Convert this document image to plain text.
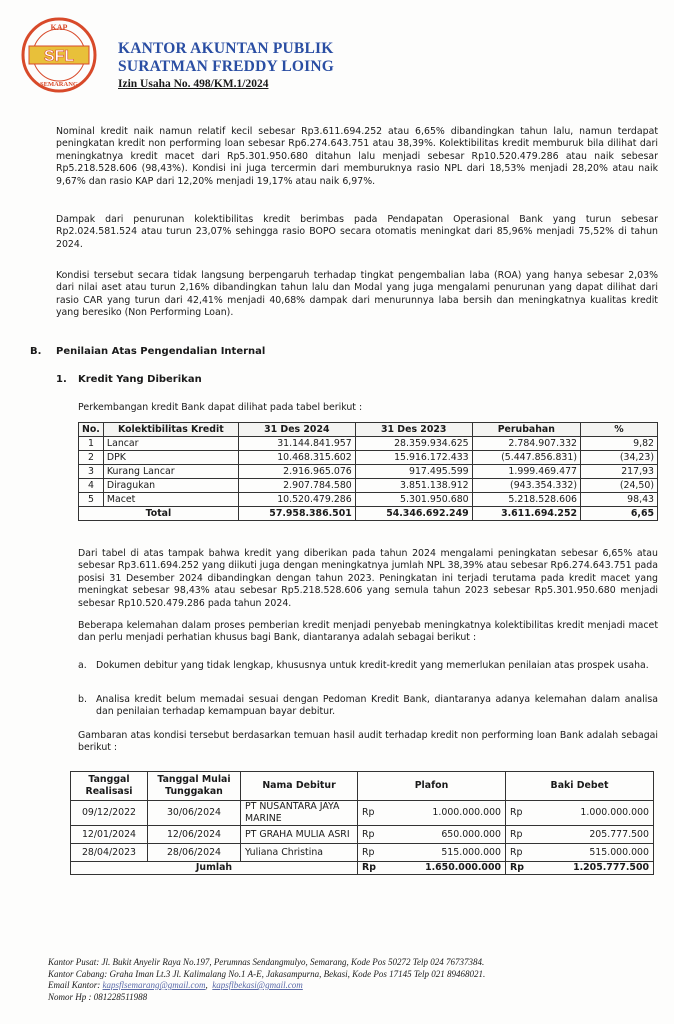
KAP
SFL
SEMARANG
KANTOR AKUNTAN PUBLIK
SURATMAN FREDDY LOING
Izin Usaha No. 498/KM.1/2024
Nominal kredit naik namun relatif kecil sebesar Rp3.611.694.252 atau 6,65% dibandingkan tahun lalu, namun terdapat peningkatan kredit non performing loan sebesar Rp6.274.643.751 atau 38,39%. Kolektibilitas kredit memburuk bila dilihat dari meningkatnya kredit macet dari Rp5.301.950.680 ditahun lalu menjadi sebesar Rp10.520.479.286 atau naik sebesar Rp5.218.528.606 (98,43%). Kondisi ini juga tercermin dari memburuknya rasio NPL dari 18,53% menjadi 28,20% atau naik 9,67% dan rasio KAP dari 12,20% menjadi 19,17% atau naik 6,97%.
Dampak dari penurunan kolektibilitas kredit berimbas pada Pendapatan Operasional Bank yang turun sebesar Rp2.024.581.524 atau turun 23,07% sehingga rasio BOPO secara otomatis meningkat dari 85,96% menjadi 75,52% di tahun 2024.
Kondisi tersebut secara tidak langsung berpengaruh terhadap tingkat pengembalian laba (ROA) yang hanya sebesar 2,03% dari nilai aset atau turun 2,16% dibandingkan tahun lalu dan Modal yang juga mengalami penurunan yang dapat dilihat dari rasio CAR yang turun dari 42,41% menjadi 40,68% dampak dari menurunnya laba bersih dan meningkatnya kualitas kredit yang beresiko (Non Performing Loan).
B. Penilaian Atas Pengendalian Internal
1. Kredit Yang Diberikan
Perkembangan kredit Bank dapat dilihat pada tabel berikut :
No.	Kolektibilitas Kredit	31 Des 2024	31 Des 2023	Perubahan	%
1	Lancar	31.144.841.957	28.359.934.625	2.784.907.332	9,82
2	DPK	10.468.315.602	15.916.172.433	(5.447.856.831)	(34,23)
3	Kurang Lancar	2.916.965.076	917.495.599	1.999.469.477	217,93
4	Diragukan	2.907.784.580	3.851.138.912	(943.354.332)	(24,50)
5	Macet	10.520.479.286	5.301.950.680	5.218.528.606	98,43
Total		57.958.386.501	54.346.692.249	3.611.694.252	6,65
Dari tabel di atas tampak bahwa kredit yang diberikan pada tahun 2024 mengalami peningkatan sebesar 6,65% atau sebesar Rp3.611.694.252 yang diikuti juga dengan meningkatnya jumlah NPL 38,39% atau sebesar Rp6.274.643.751 pada posisi 31 Desember 2024 dibandingkan dengan tahun 2023. Peningkatan ini terjadi terutama pada kredit macet yang meningkat sebesar 98,43% atau sebesar Rp5.218.528.606 yang semula tahun 2023 sebesar Rp5.301.950.680 menjadi sebesar Rp10.520.479.286 pada tahun 2024.
Beberapa kelemahan dalam proses pemberian kredit menjadi penyebab meningkatnya kolektibilitas kredit menjadi macet dan perlu menjadi perhatian khusus bagi Bank, diantaranya adalah sebagai berikut :
a. Dokumen debitur yang tidak lengkap, khususnya untuk kredit-kredit yang memerlukan penilaian atas prospek usaha.
b. Analisa kredit belum memadai sesuai dengan Pedoman Kredit Bank, diantaranya adanya kelemahan dalam analisa dan penilaian terhadap kemampuan bayar debitur.
Gambaran atas kondisi tersebut berdasarkan temuan hasil audit terhadap kredit non performing loan Bank adalah sebagai berikut :
Tanggal Realisasi	Tanggal Mulai Tunggakan	Nama Debitur	Plafon		Baki Debet	
09/12/2022	30/06/2024	PT NUSANTARA JAYA MARINE	Rp	1.000.000.000	Rp	1.000.000.000
12/01/2024	12/06/2024	PT GRAHA MULIA ASRI	Rp	650.000.000	Rp	205.777.500
28/04/2023	28/06/2024	Yuliana Christina	Rp	515.000.000	Rp	515.000.000
Jumlah			Rp	1.650.000.000	Rp	1.205.777.500
Kantor Pusat: Jl. Bukit Anyelir Raya No.197, Perumnas Sendangmulyo, Semarang, Kode Pos 50272 Telp 024 76737384.
Kantor Cabang: Graha Iman Lt.3 Jl. Kalimalang No.1 A-E, Jakasampurna, Bekasi, Kode Pos 17145 Telp 021 89468021.
Email Kantor: kapsflsemarang@gmail.com,  kapsflbekasi@gmail.com
Nomor Hp : 081228511988
